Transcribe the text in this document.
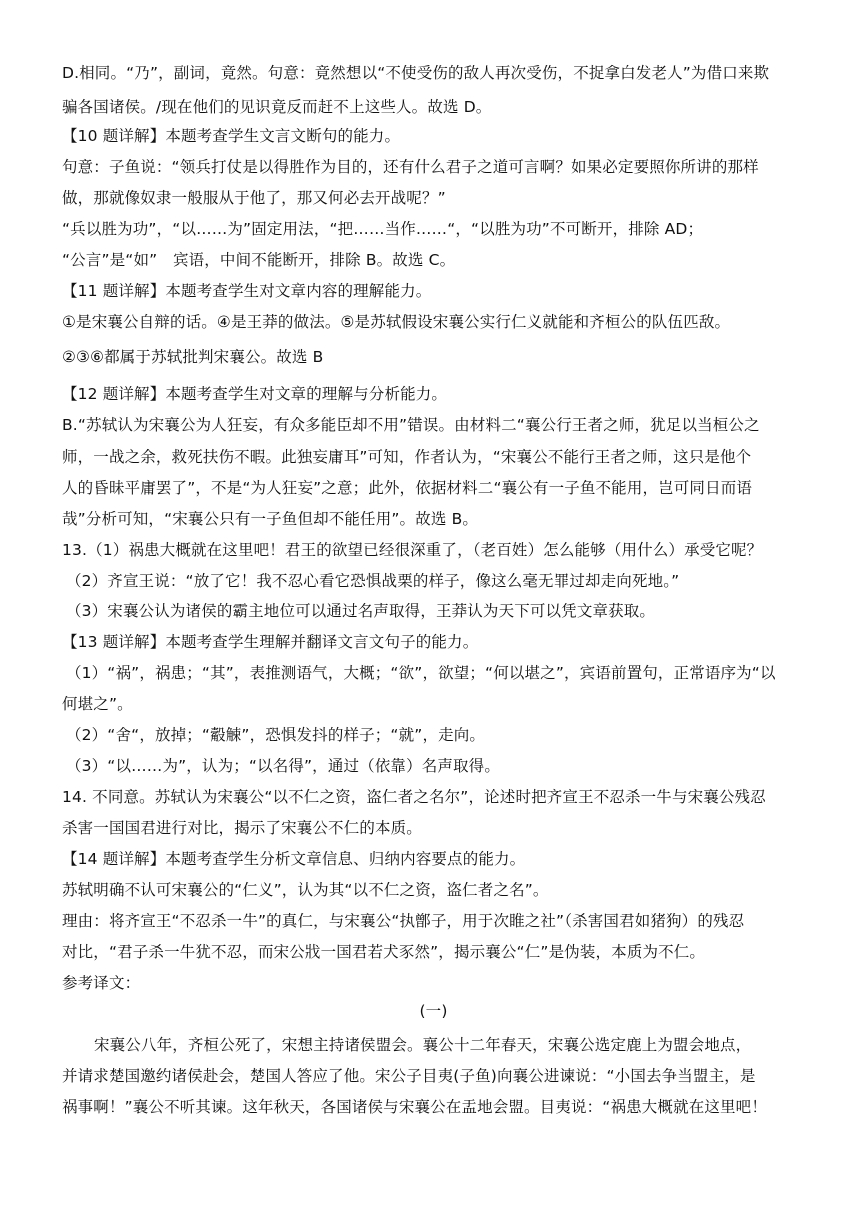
D.相同。“乃”，副词，竟然。句意：竟然想以“不使受伤的敌人再次受伤，不捉拿白发老人”为借口来欺

骗各国诸侯。/现在他们的见识竟反而赶不上这些人。故选 D。

【10 题详解】本题考查学生文言文断句的能力。

句意：子鱼说：“领兵打仗是以得胜作为目的，还有什么君子之道可言啊？如果必定要照你所讲的那样

做，那就像奴隶一般服从于他了，那又何必去开战呢？”

“兵以胜为功”，“以……为”固定用法，“把……当作……“，“以胜为功”不可断开，排除 AD；

“公言”是“如”　宾语，中间不能断开，排除 B。故选 C。

【11 题详解】本题考查学生对文章内容的理解能力。

①是宋襄公自辩的话。④是王莽的做法。⑤是苏轼假设宋襄公实行仁义就能和齐桓公的队伍匹敌。

②③⑥都属于苏轼批判宋襄公。故选 B

【12 题详解】本题考查学生对文章的理解与分析能力。

B.“苏轼认为宋襄公为人狂妄，有众多能臣却不用”错误。由材料二“襄公行王者之师，犹足以当桓公之

师，一战之余，救死扶伤不暇。此独妄庸耳”可知，作者认为，“宋襄公不能行王者之师，这只是他个

人的昏昧平庸罢了”，不是“为人狂妄”之意；此外，依据材料二“襄公有一子鱼不能用，岂可同日而语

哉”分析可知，“宋襄公只有一子鱼但却不能任用”。故选 B。

13.（1）祸患大概就在这里吧！君王的欲望已经很深重了，（老百姓）怎么能够（用什么）承受它呢？

（2）齐宣王说：“放了它！我不忍心看它恐惧战栗的样子，像这么毫无罪过却走向死地。”

（3）宋襄公认为诸侯的霸主地位可以通过名声取得，王莽认为天下可以凭文章获取。

【13 题详解】本题考查学生理解并翻译文言文句子的能力。

（1）“祸”，祸患；“其”，表推测语气，大概；“欲”，欲望；“何以堪之”，宾语前置句，正常语序为“以

何堪之”。

（2）“舍“，放掉；“觳觫”，恐惧发抖的样子；“就”，走向。

（3）“以……为”，认为；“以名得”，通过（依靠）名声取得。

14. 不同意。苏轼认为宋襄公“以不仁之资，盗仁者之名尔”，论述时把齐宣王不忍杀一牛与宋襄公残忍

杀害一国国君进行对比，揭示了宋襄公不仁的本质。

【14 题详解】本题考查学生分析文章信息、归纳内容要点的能力。

苏轼明确不认可宋襄公的“仁义”，认为其“以不仁之资，盗仁者之名”。

理由：将齐宣王“不忍杀一牛”的真仁，与宋襄公“执鄫子，用于次睢之社”（杀害国君如猪狗）的残忍

对比，“君子杀一牛犹不忍，而宋公戕一国君若犬豕然”，揭示襄公“仁”是伪装，本质为不仁。

参考译文：

(一)

宋襄公八年，齐桓公死了，宋想主持诸侯盟会。襄公十二年春天，宋襄公选定鹿上为盟会地点，

并请求楚国邀约诸侯赴会，楚国人答应了他。宋公子目夷(子鱼)向襄公进谏说：“小国去争当盟主，是

祸事啊！”襄公不听其谏。这年秋天，各国诸侯与宋襄公在盂地会盟。目夷说：“祸患大概就在这里吧！
